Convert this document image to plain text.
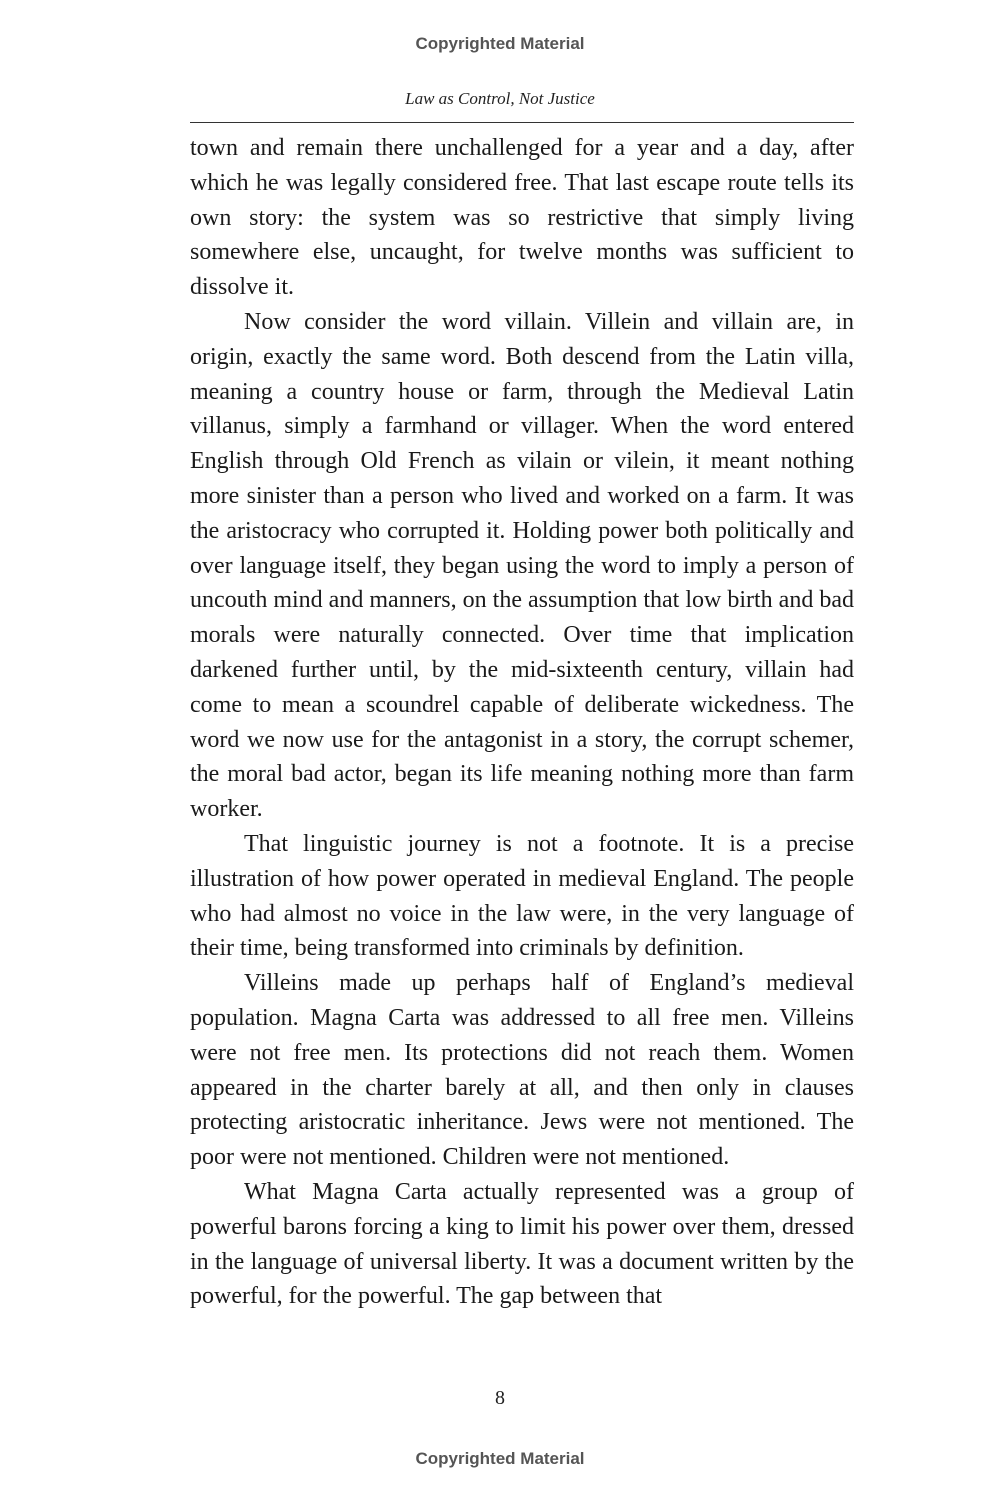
Copyrighted Material
Law as Control, Not Justice

town and remain there unchallenged for a year and a day, after which he was legally considered free. That last escape route tells its own story: the system was so restrictive that simply living somewhere else, uncaught, for twelve months was sufficient to dissolve it.

Now consider the word villain. Villein and villain are, in origin, exactly the same word. Both descend from the Latin villa, meaning a country house or farm, through the Medieval Latin villanus, simply a farmhand or villager. When the word entered English through Old French as vilain or vilein, it meant nothing more sinister than a person who lived and worked on a farm. It was the aristocracy who corrupted it. Holding power both politically and over language itself, they began using the word to imply a person of uncouth mind and manners, on the assumption that low birth and bad morals were naturally connected. Over time that implication darkened further until, by the mid-sixteenth century, villain had come to mean a scoundrel capable of deliberate wickedness. The word we now use for the antagonist in a story, the corrupt schemer, the moral bad actor, began its life meaning nothing more than farm worker.

That linguistic journey is not a footnote. It is a precise illustration of how power operated in medieval England. The people who had almost no voice in the law were, in the very language of their time, being transformed into criminals by definition.

Villeins made up perhaps half of England’s medieval population. Magna Carta was addressed to all free men. Villeins were not free men. Its protections did not reach them. Women appeared in the charter barely at all, and then only in clauses protecting aristocratic inheritance. Jews were not mentioned. The poor were not mentioned. Children were not mentioned.

What Magna Carta actually represented was a group of powerful barons forcing a king to limit his power over them, dressed in the language of universal liberty. It was a document written by the powerful, for the powerful. The gap between that

8
Copyrighted Material
